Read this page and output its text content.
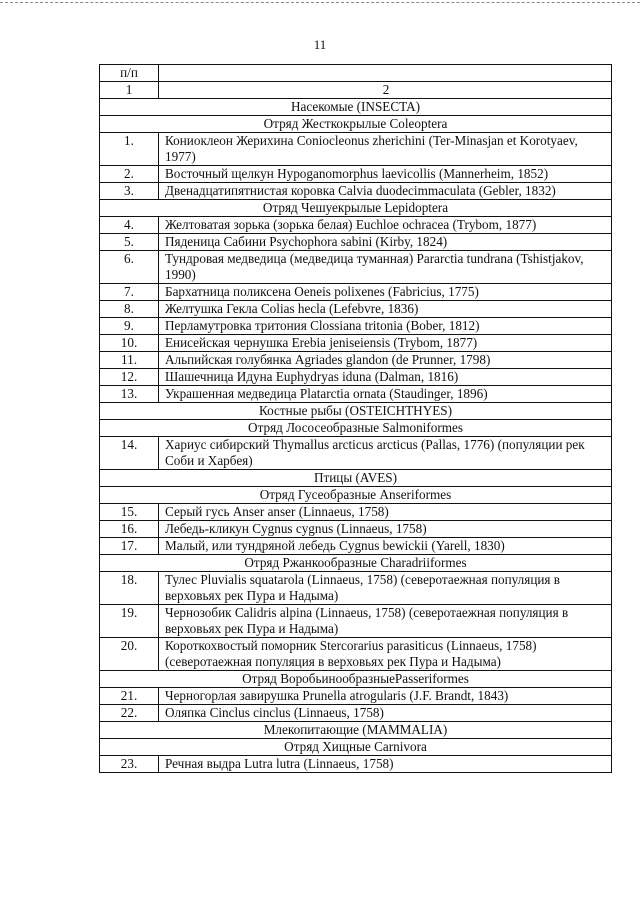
11
п/п	
1	2
Насекомые (INSECTA)	
Отряд Жесткокрылые Coleoptera	
1.	Кониоклеон Жерихина Conioclеonus zherichini (Ter-Minasjan et Korotyaev, 1977)
2.	Восточный щелкун Hypoganomorphus laevicollis (Mannerheim, 1852)
3.	Двенадцатипятнистая коровка Calvia duodecimmaculata (Gebler, 1832)
Отряд Чешуекрылые Lepidoptera	
4.	Желтоватая зорька (зорька белая) Euchloe ochracea (Trybom, 1877)
5.	Пяденица Сабини Psychophora sabini (Kirby, 1824)
6.	Тундровая медведица (медведица туманная) Pararctia tundrana (Tshistjakov, 1990)
7.	Бархатница поликсена Oeneis polixenes (Fabricius, 1775)
8.	Желтушка Гекла Colias hecla (Lefebvre, 1836)
9.	Перламутровка тритония Clossiana tritonia (Bober, 1812)
10.	Енисейская чернушка Erebia jeniseiensis (Trybom, 1877)
11.	Альпийская голубянка Agriades glandon (de Prunner, 1798)
12.	Шашечница Идуна Euphydryas iduna (Dalman, 1816)
13.	Украшенная медведица Platarctia ornata (Staudinger, 1896)
Костные рыбы (OSTEICHTHYES)	
Отряд Лососеобразные Salmoniformes	
14.	Хариус сибирский Thymallus arcticus arcticus (Pallas, 1776) (популяции рек Соби и Харбея)
Птицы (AVES)	
Отряд Гусеобразные Anseriformes	
15.	Серый гусь Anser anser (Linnaeus, 1758)
16.	Лебедь-кликун Cygnus cygnus (Linnaeus, 1758)
17.	Малый, или тундряной лебедь Cygnus bewickii (Yarell, 1830)
Отряд Ржанкообразные Charadriiformes	
18.	Тулес Pluvialis squatarola (Linnaeus, 1758) (северотаежная популяция в верховьях рек Пура и Надыма)
19.	Чернозобик Calidris alpina (Linnaeus, 1758) (северотаежная популяция в верховьях рек Пура и Надыма)
20.	Короткохвостый поморник Stercorarius parasiticus (Linnaeus, 1758) (северотаежная популяция в верховьях рек Пура и Надыма)
Отряд ВоробьинообразныеPasseriformes	
21.	Черногорлая завирушка Prunella atrogularis (J.F. Brandt, 1843)
22.	Оляпка Cinclus cinclus (Linnaeus, 1758)
Млекопитающие (MAMMALIA)	
Отряд Хищные Carnivora	
23.	Речная выдра Lutra lutra (Linnaeus, 1758)
